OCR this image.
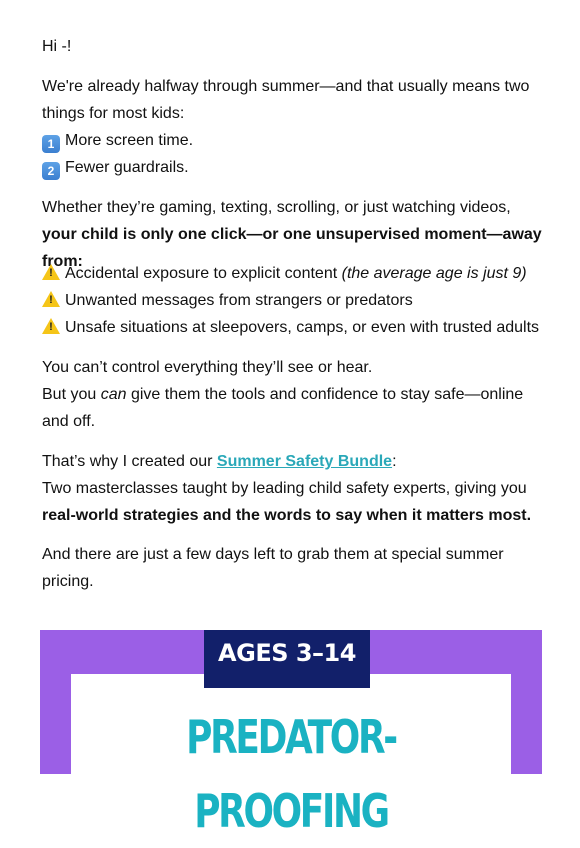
Hi -!

We're already halfway through summer—and that usually means two things for most kids:
1 More screen time.
2 Fewer guardrails.

Whether they’re gaming, texting, scrolling, or just watching videos, your child is only one click—or one unsupervised moment—away from:

! Accidental exposure to explicit content (the average age is just 9)

! Unwanted messages from strangers or predators

! Unsafe situations at sleepovers, camps, or even with trusted adults

You can’t control everything they’ll see or hear.
But you can give them the tools and confidence to stay safe—online and off.

That’s why I created our Summer Safety Bundle:
Two masterclasses taught by leading child safety experts, giving you real-world strategies and the words to say when it matters most.

And there are just a few days left to grab them at special summer pricing.

AGES 3–14
PREDATOR-PROOFING
